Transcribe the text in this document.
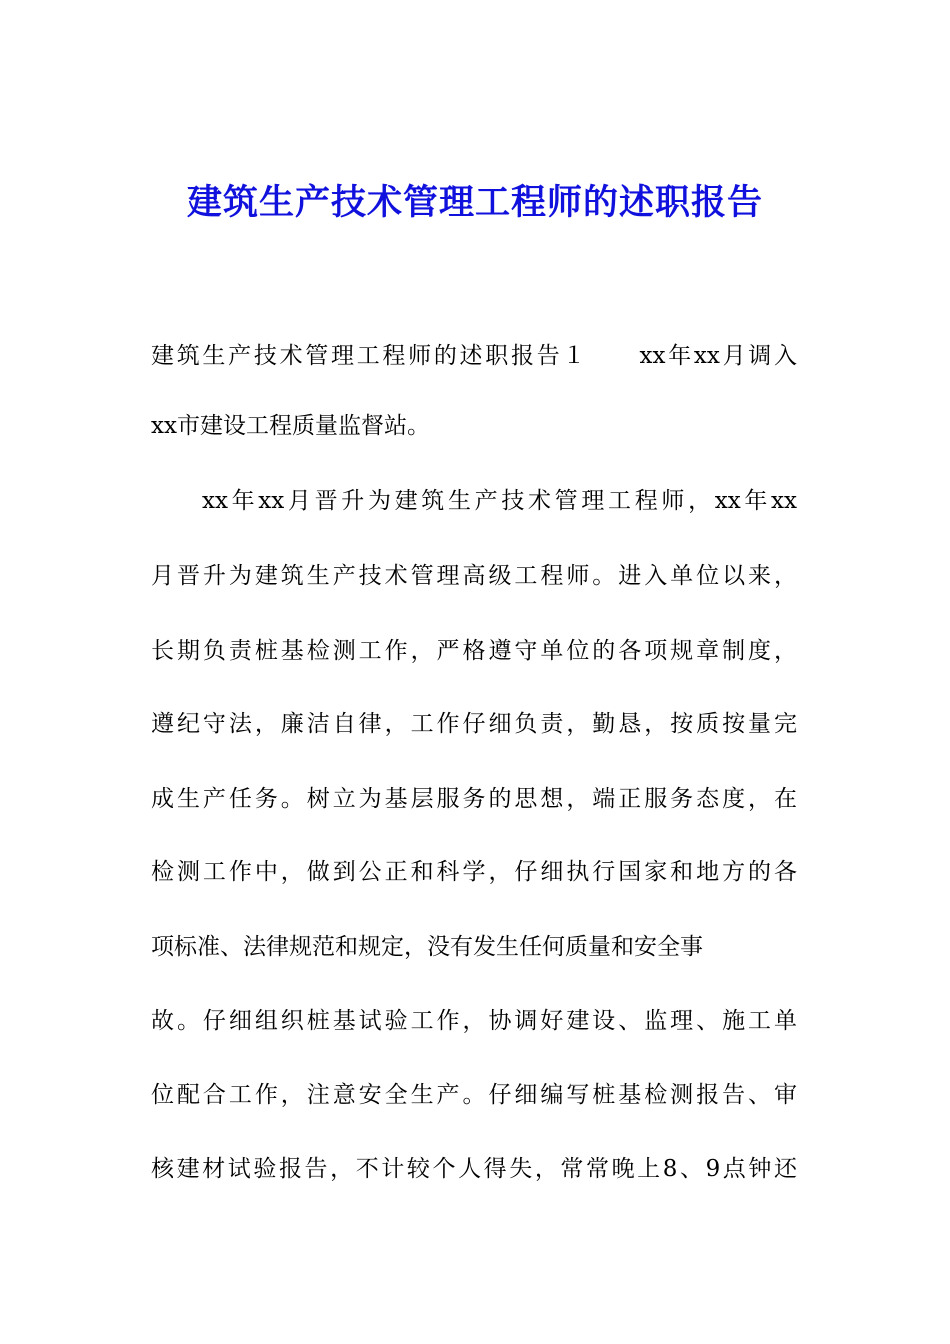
建筑生产技术管理工程师的述职报告
建筑生产技术管理工程师的述职报告１　　xx年xx月调入
xx市建设工程质量监督站。
xx年xx月晋升为建筑生产技术管理工程师，xx年xx
月晋升为建筑生产技术管理高级工程师。进入单位以来，
长期负责桩基检测工作，严格遵守单位的各项规章制度，
遵纪守法，廉洁自律，工作仔细负责，勤恳，按质按量完
成生产任务。树立为基层服务的思想，端正服务态度，在
检测工作中，做到公正和科学，仔细执行国家和地方的各
项标准、法律规范和规定，没有发生任何质量和安全事
故。仔细组织桩基试验工作，协调好建设、监理、施工单
位配合工作，注意安全生产。仔细编写桩基检测报告、审
核建材试验报告，不计较个人得失，常常晚上8、9点钟还
